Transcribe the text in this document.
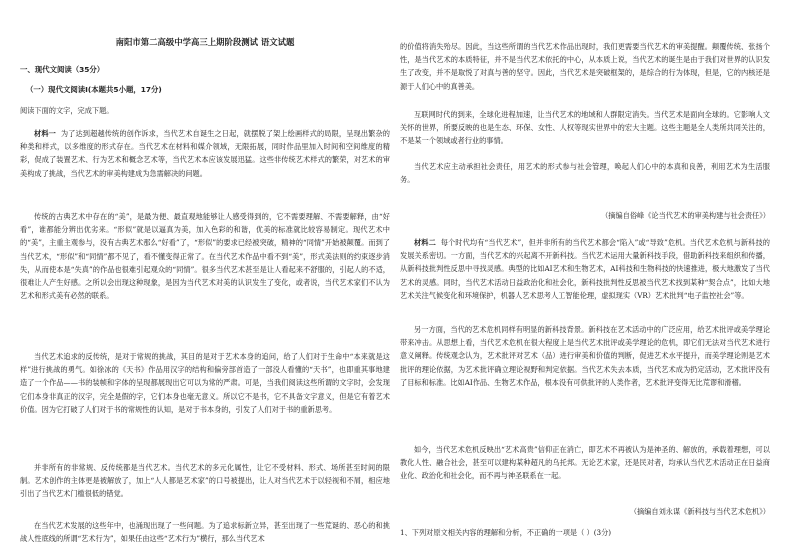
南阳市第二高级中学高三上期阶段测试 语文试题
一、现代文阅读（35分）
（一）现代文阅读Ⅰ(本题共5小题，17分)
阅读下面的文字，完成下题。

材料一 为了达到超越传统的创作诉求，当代艺术自诞生之日起，就摆脱了架上绘画样式的局限，呈现出繁杂的种类和样式，以多维度的形式存在。当代艺术在材料和媒介领域，无限拓展，同时作品里加入时间和空间维度的精彩，促成了装置艺术、行为艺术和概念艺术等，当代艺术本应该发展迅猛。这些非传统艺术样式的繁荣，对艺术的审美构成了挑战，当代艺术的审美构建成为急需解决的问题。

传统的古典艺术中存在的“美”，是最为便、最直观地能够让人感受得到的，它不需要理解、不需要解释，由“好看”，谁都能分辨出优劣来。“形似”就是以逼真为美，加入色彩的和谐，优美的标准就比较容易制定。现代艺术中的“美”，主重主观参与，没有古典艺术那么“好看”了，“形似”的要求已经被突破，精神的“同情”开始被颠覆。而到了当代艺术，“形似”和“同情”都不见了，看不懂变得正常了。在当代艺术作品中看不到“美”，形式美法则的约束逐步消失，从而使本是“失真”的作品也很难引起观众的“同情”。很多当代艺术甚至是让人看起来不舒服的，引起人的不适，很难让人产生好感。之所以会出现这种现象，是因为当代艺术对美的认识发生了变化，或者说，当代艺术家们不认为艺术和形式美有必然的联系。

当代艺术追求的反传统，是对于常规的挑战，其目的是对于艺术本身的追问，给了人们对于生命中“本来就是这样”进行挑战的勇气。如徐冰的《天书》作品用汉字的结构和偏旁部首造了一部没人看懂的“天书”，也即重其事地建造了一个作品——书的装帧和字体的呈现都展现出它可以为常的严肃。可是，当我们阅读这些所谓的文字时，会发现它们本身非真正的汉字，完全是假的字，它们本身也毫无意义。所以它不是书，它不具备文字意义，但是它有着艺术价值。因为它打破了人们对于书的常规性的认知，是对于书本身的，引发了人们对于书的重新思考。

并非所有的非常规、反传统都是当代艺术。当代艺术的多元化属性，让它不受材料、形式、场所甚至时间的限制。艺术创作的主体更是被解放了，加上“人人都是艺术家”的口号被提出，让人对当代艺术于以轻视和不屑，相应地引出了当代艺术门槛很低的错觉。

在当代艺术发展的这些年中，也涌现出现了一些问题。为了追求标新立异，甚至出现了一些荒诞的、恶心的和挑战人性底线的所谓“艺术行为”，如果任由这些“艺术行为”横行，那么当代艺术

的价值将消失殆尽。因此，当这些所谓的当代艺术作品出现时，我们更需要当代艺术的审美提醒。颠覆传统、张扬个性，是当代艺术的本质特征，并不是当代艺术依托的中心，从本质上说，当代艺术的诞生是由于我们对世界的认识发生了改变，并不是取悦了对真与善的坚守。因此，当代艺术是突破框架的，是综合的行为体现，但是，它的内核还是源于人们心中的真善美。

互联网时代的到来，全球化进程加速，让当代艺术的地域和人群限定消失。当代艺术是面向全球的。它影响人文关怀的世界，所要反映的也是生态、环保、女性、人权等现实世界中的宏大主题。这些主题是全人类所共同关注的，不是某一个领域或者行业的事情。

当代艺术应主动承担社会责任，用艺术的形式参与社会管理，唤起人们心中的本真和良善，利用艺术为生活服务。

（摘编自俗峰《论当代艺术的审美构建与社会责任》）

材料二 每个时代均有“当代艺术”，但并非所有的当代艺术都会“陷入”或“导致”危机。当代艺术危机与新科技的发展关系密切。一方面，当代艺术的兴起离不开新科技。当代艺术运用大量新科技手段，借助新科技来组织和传播，从新科技批判性反思中寻找灵感。典型的比如AI艺术和生物艺术，AI科技和生物科技的快速推进，极大地激发了当代艺术的灵感。同时，当代艺术活动日益政治化和社会化，新科技批判性反思被当代艺术找到某种“契合点”，比如大地艺术关注气候变化和环境保护，机器人艺术思考人工智能伦理，虚拟现实（VR）艺术批判“电子监控社会”等。

另一方面，当代的艺术危机同样有明显的新科技背景。新科技在艺术活动中的广泛应用，给艺术批评或美学理论带来冲击。从思想上看，当代艺术危机在很大程度上是当代艺术批评或美学理论的危机，即它们无法对当代艺术进行意义阐释。传统观念认为，艺术批评对艺术（品）进行审美和价值的判断，促进艺术水平提升，而美学理论则是艺术批评的理论依据，为艺术批评确立理论视野和判定依据。当代艺术失去本质，当代艺术成为扔定活动，艺术批评没有了目标和标准。比如AI作品、生物艺术作品，根本没有可供批评的人类作者，艺术批评变得无比荒谬和滑稽。

如今，当代艺术危机反映出“艺术高贵”信仰正在消亡，即艺术不再被认为是神圣的、解放的，承载着理想，可以教化人性、融合社会，甚至可以建构某种超凡的乌托邦。无论艺术家，还是民对者，均承认当代艺术活动正在日益商业化、政治化和社会化，而不再与神圣联系在一起。

（摘编自刘永谋《新科技与当代艺术危机》）

1、下列对原文相关内容的理解和分析，不正确的一项是（ ）(3分)
